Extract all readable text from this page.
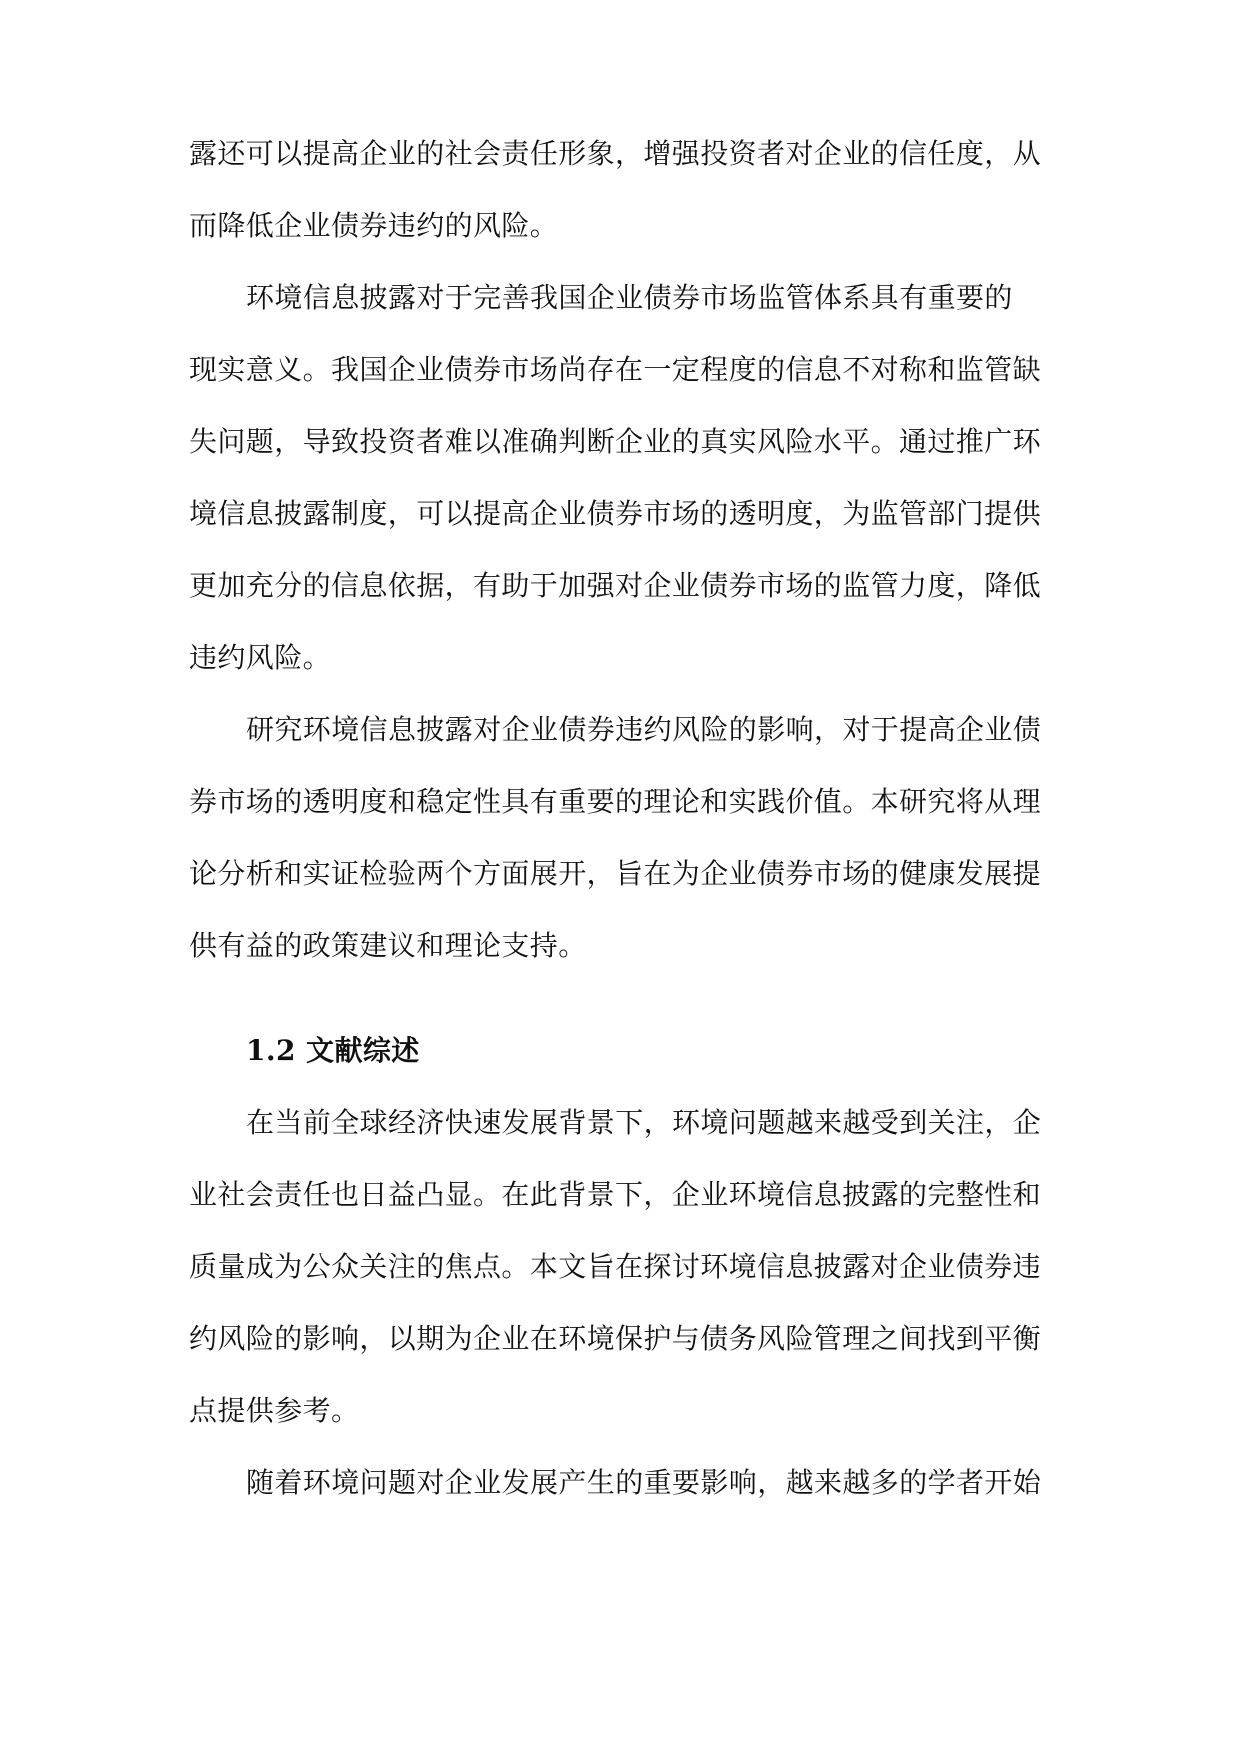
露还可以提高企业的社会责任形象，增强投资者对企业的信任度，从
而降低企业债券违约的风险。
环境信息披露对于完善我国企业债券市场监管体系具有重要的
现实意义。我国企业债券市场尚存在一定程度的信息不对称和监管缺
失问题，导致投资者难以准确判断企业的真实风险水平。通过推广环
境信息披露制度，可以提高企业债券市场的透明度，为监管部门提供
更加充分的信息依据，有助于加强对企业债券市场的监管力度，降低
违约风险。
研究环境信息披露对企业债券违约风险的影响，对于提高企业债
券市场的透明度和稳定性具有重要的理论和实践价值。本研究将从理
论分析和实证检验两个方面展开，旨在为企业债券市场的健康发展提
供有益的政策建议和理论支持。
1.2 文献综述
在当前全球经济快速发展背景下，环境问题越来越受到关注，企
业社会责任也日益凸显。在此背景下，企业环境信息披露的完整性和
质量成为公众关注的焦点。本文旨在探讨环境信息披露对企业债券违
约风险的影响，以期为企业在环境保护与债务风险管理之间找到平衡
点提供参考。
随着环境问题对企业发展产生的重要影响，越来越多的学者开始
